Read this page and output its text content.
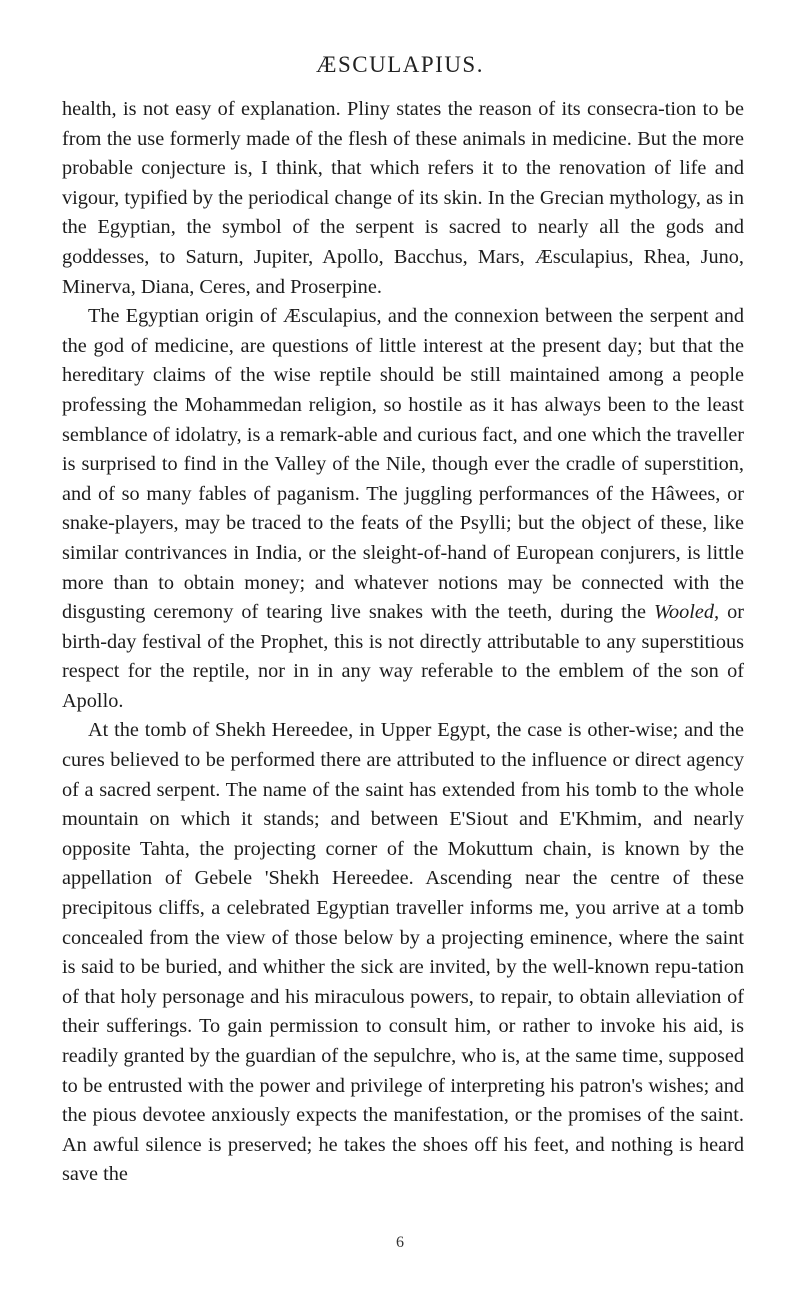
ÆSCULAPIUS.

health, is not easy of explanation. Pliny states the reason of its consecra-tion to be from the use formerly made of the flesh of these animals in medicine. But the more probable conjecture is, I think, that which refers it to the renovation of life and vigour, typified by the periodical change of its skin. In the Grecian mythology, as in the Egyptian, the symbol of the serpent is sacred to nearly all the gods and goddesses, to Saturn, Jupiter, Apollo, Bacchus, Mars, Æsculapius, Rhea, Juno, Minerva, Diana, Ceres, and Proserpine.

The Egyptian origin of Æsculapius, and the connexion between the serpent and the god of medicine, are questions of little interest at the present day; but that the hereditary claims of the wise reptile should be still maintained among a people professing the Mohammedan religion, so hostile as it has always been to the least semblance of idolatry, is a remark-able and curious fact, and one which the traveller is surprised to find in the Valley of the Nile, though ever the cradle of superstition, and of so many fables of paganism. The juggling performances of the Hâwees, or snake-players, may be traced to the feats of the Psylli; but the object of these, like similar contrivances in India, or the sleight-of-hand of European conjurers, is little more than to obtain money; and whatever notions may be connected with the disgusting ceremony of tearing live snakes with the teeth, during the Wooled, or birth-day festival of the Prophet, this is not directly attributable to any superstitious respect for the reptile, nor in in any way referable to the emblem of the son of Apollo.

At the tomb of Shekh Hereedee, in Upper Egypt, the case is other-wise; and the cures believed to be performed there are attributed to the influence or direct agency of a sacred serpent. The name of the saint has extended from his tomb to the whole mountain on which it stands; and between E'Siout and E'Khmim, and nearly opposite Tahta, the projecting corner of the Mokuttum chain, is known by the appellation of Gebele 'Shekh Hereedee. Ascending near the centre of these precipitous cliffs, a celebrated Egyptian traveller informs me, you arrive at a tomb concealed from the view of those below by a projecting eminence, where the saint is said to be buried, and whither the sick are invited, by the well-known repu-tation of that holy personage and his miraculous powers, to repair, to obtain alleviation of their sufferings. To gain permission to consult him, or rather to invoke his aid, is readily granted by the guardian of the sepulchre, who is, at the same time, supposed to be entrusted with the power and privilege of interpreting his patron's wishes; and the pious devotee anxiously expects the manifestation, or the promises of the saint. An awful silence is preserved; he takes the shoes off his feet, and nothing is heard save the

6
